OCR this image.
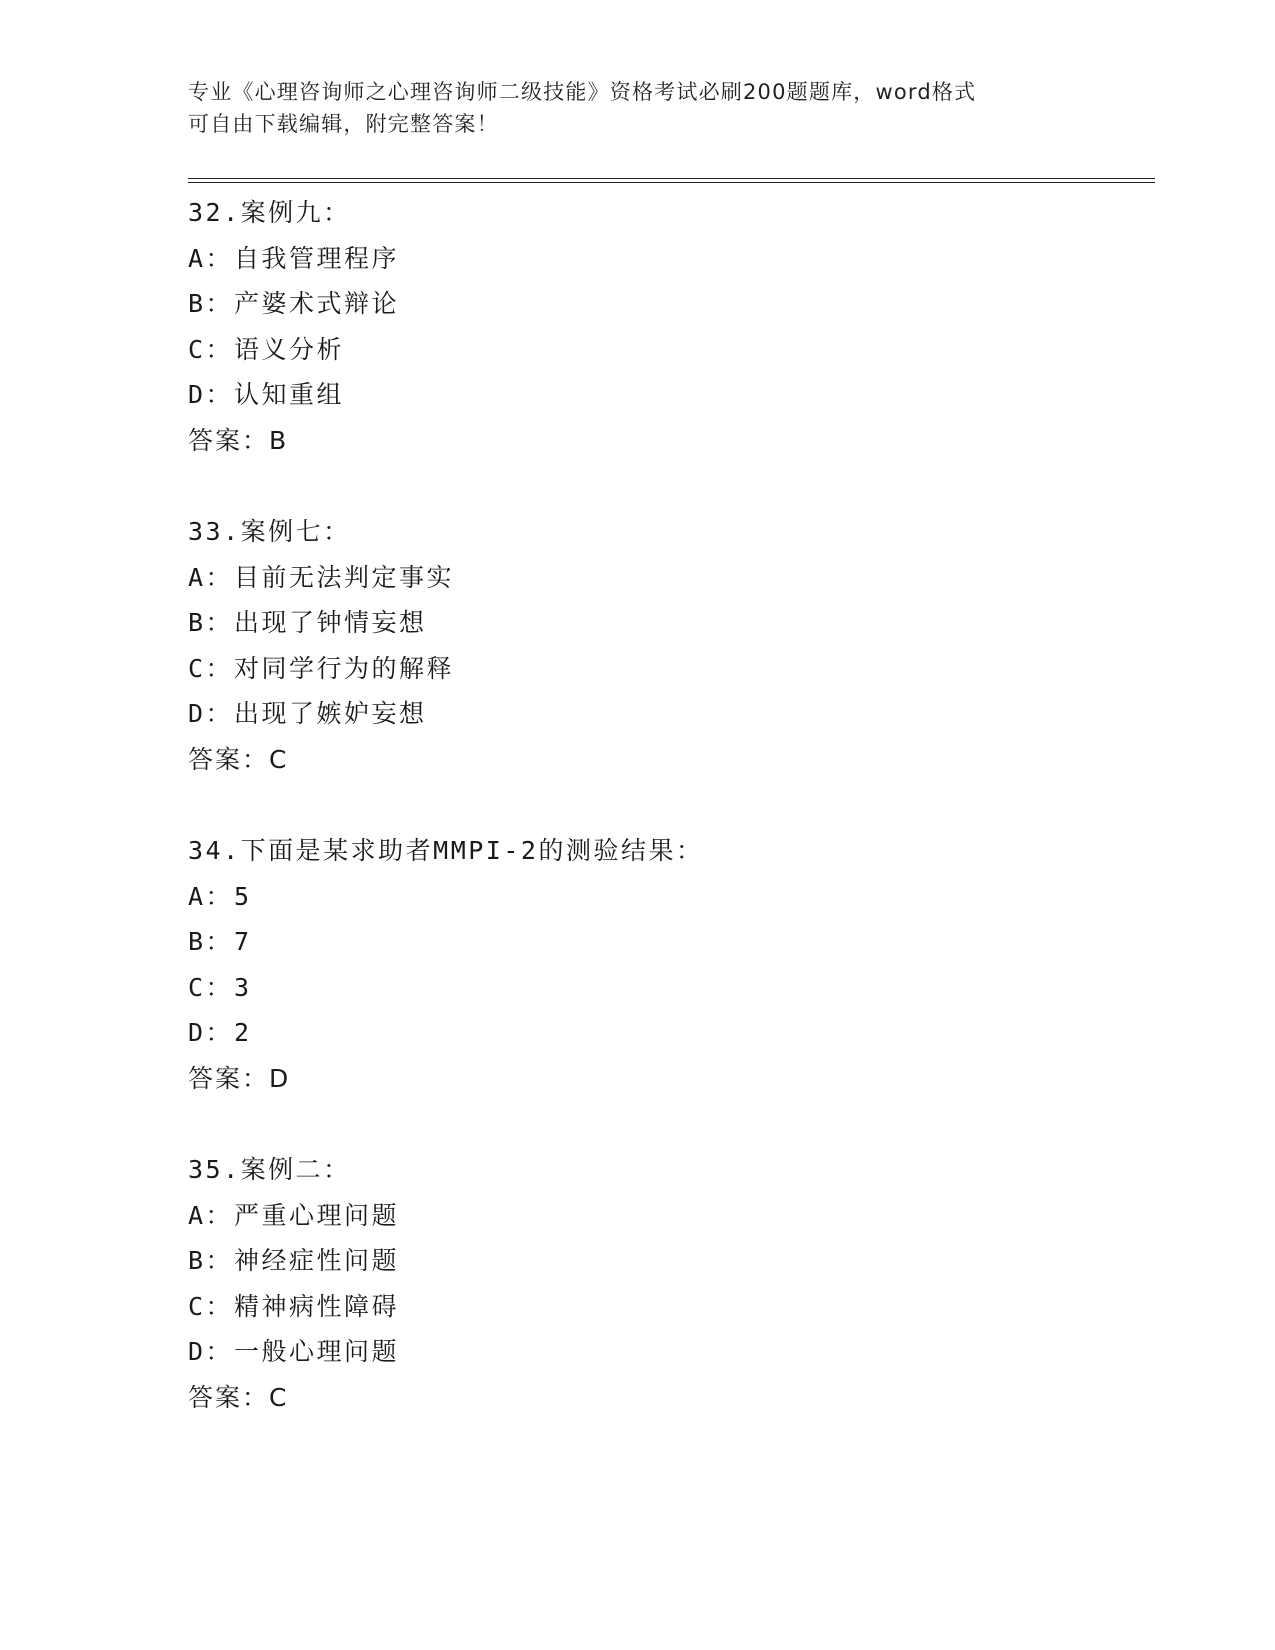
专业《心理咨询师之心理咨询师二级技能》资格考试必刷200题题库，word格式
可自由下载编辑，附完整答案！
32.案例九：
A：自我管理程序
B：产婆术式辩论
C：语义分析
D：认知重组
答案：B
33.案例七：
A：目前无法判定事实
B：出现了钟情妄想
C：对同学行为的解释
D：出现了嫉妒妄想
答案：C
34.下面是某求助者MMPI-2的测验结果：
A：5
B：7
C：3
D：2
答案：D
35.案例二：
A：严重心理问题
B：神经症性问题
C：精神病性障碍
D：一般心理问题
答案：C
